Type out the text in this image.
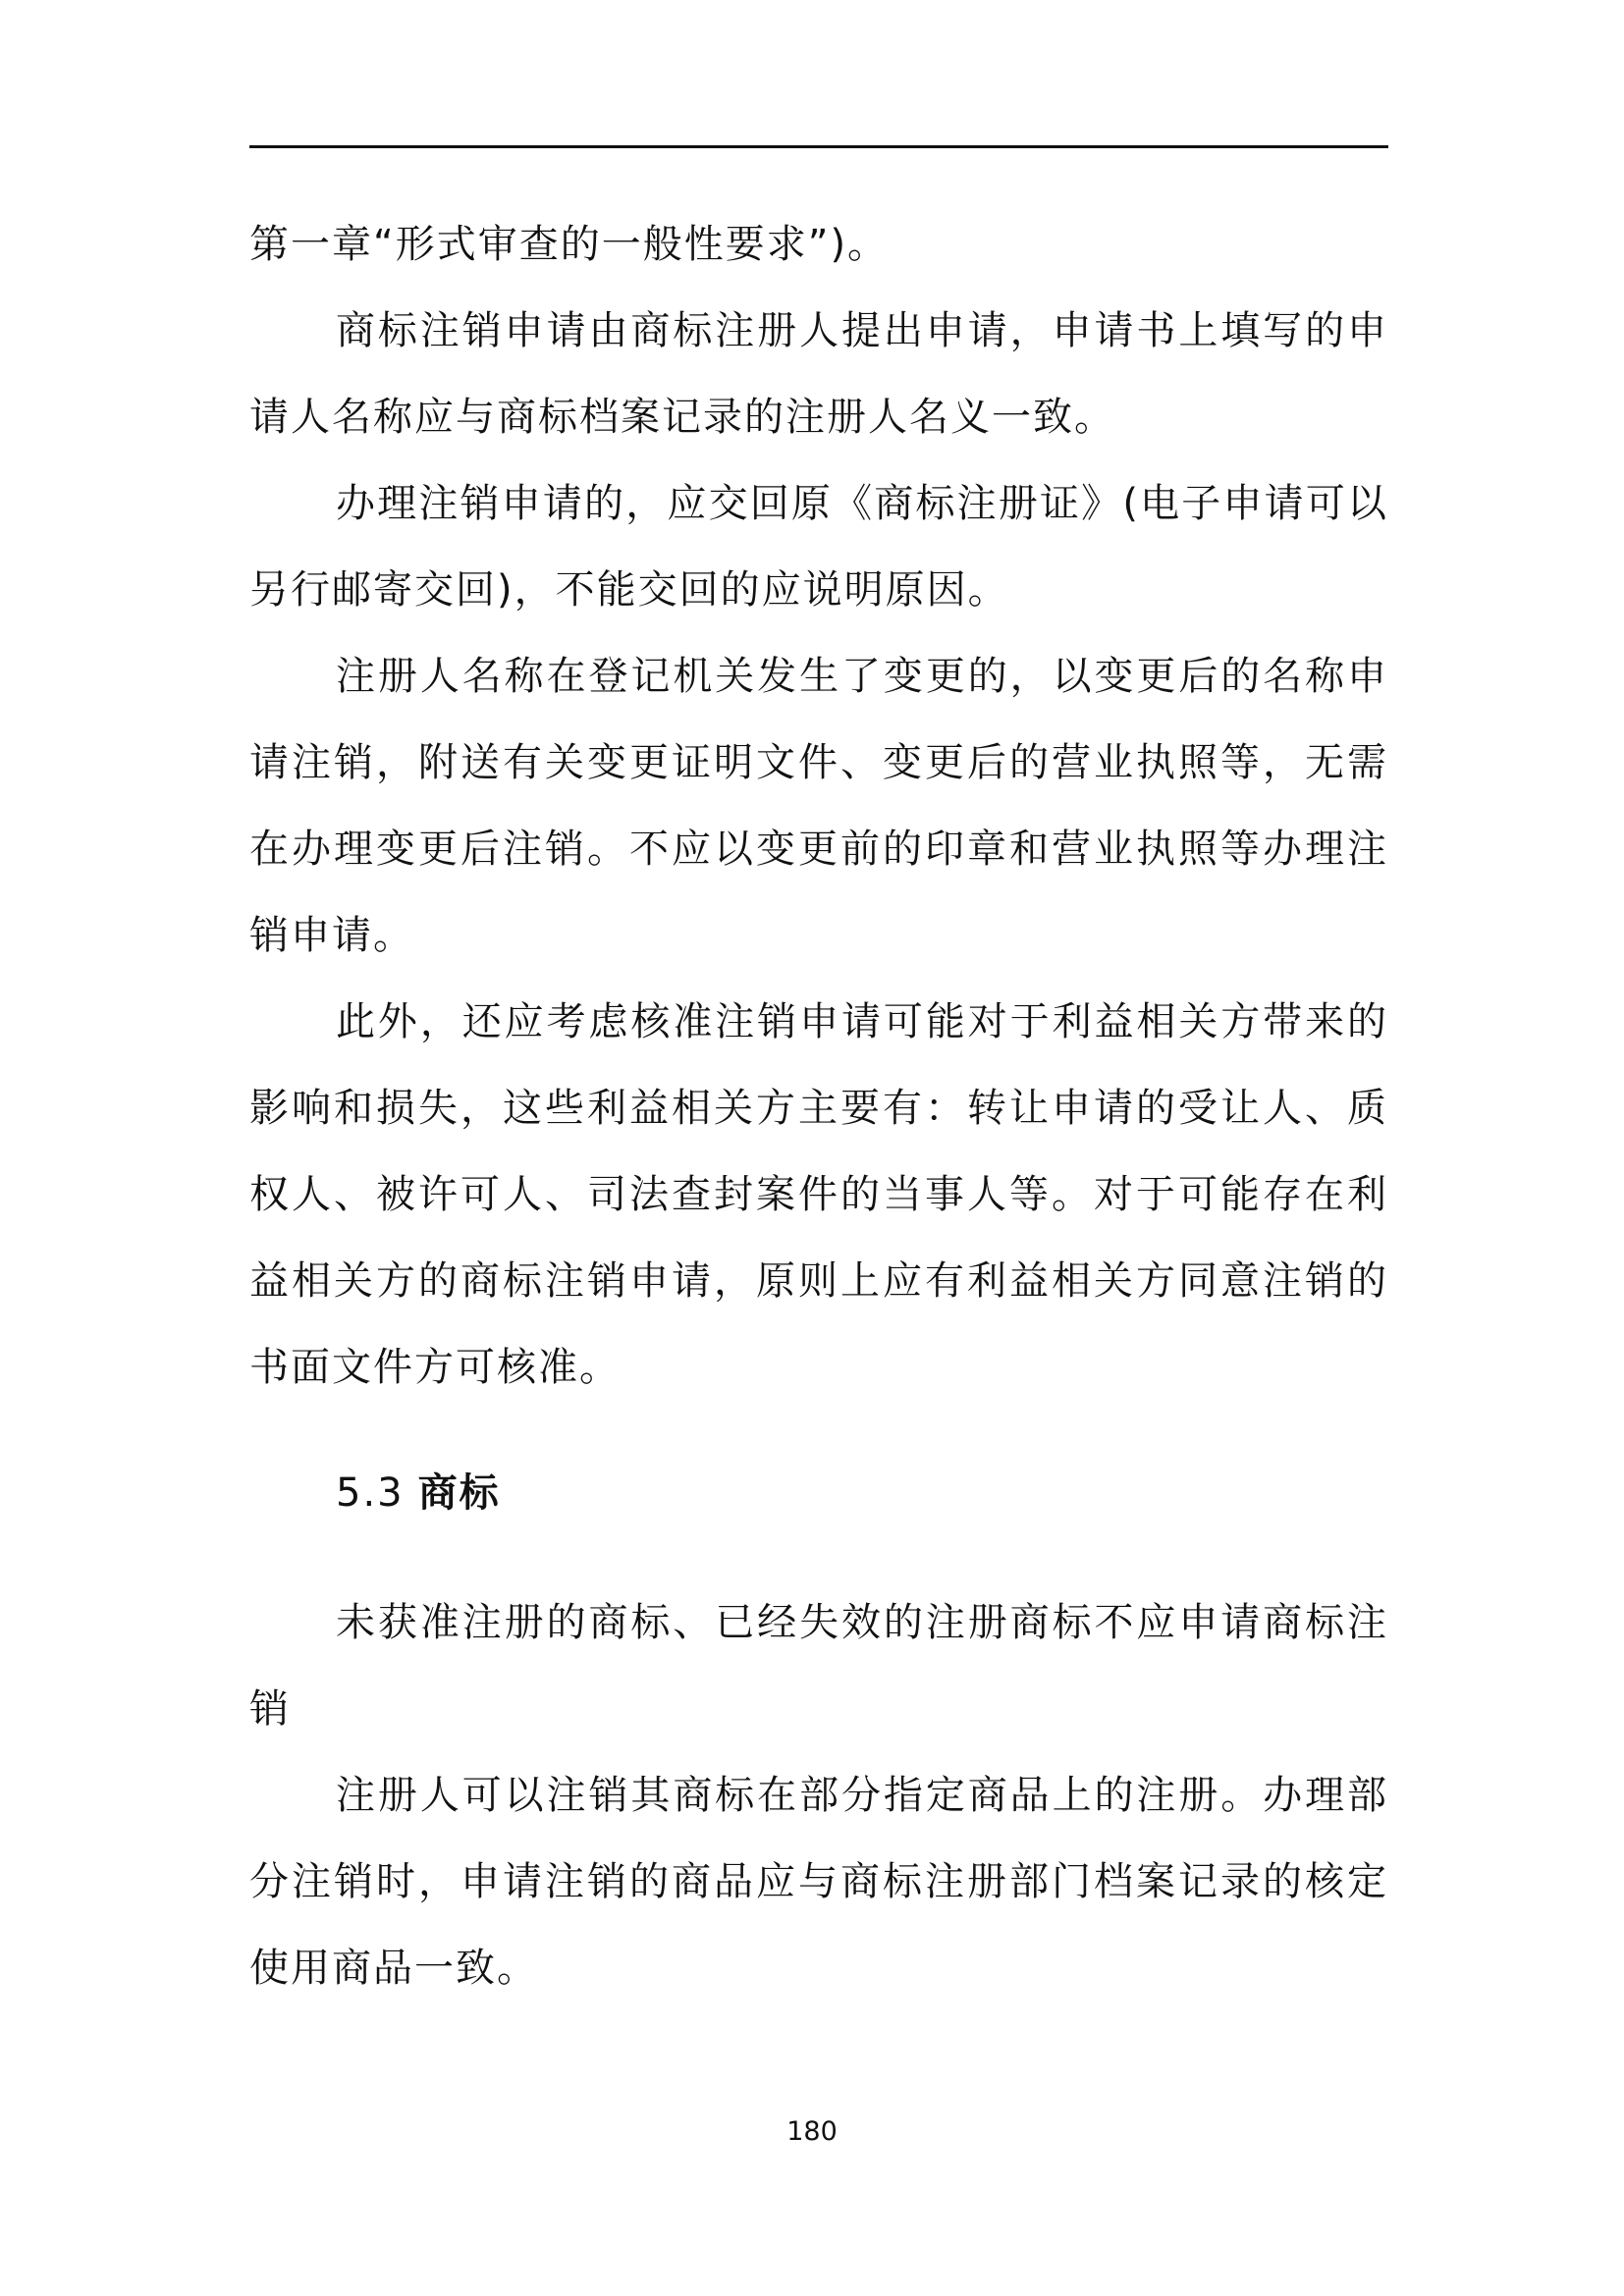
第一章“形式审查的一般性要求”)。

商标注销申请由商标注册人提出申请，申请书上填写的申请人名称应与商标档案记录的注册人名义一致。

办理注销申请的，应交回原《商标注册证》(电子申请可以另行邮寄交回)，不能交回的应说明原因。

注册人名称在登记机关发生了变更的，以变更后的名称申请注销，附送有关变更证明文件、变更后的营业执照等，无需在办理变更后注销。不应以变更前的印章和营业执照等办理注销申请。

此外，还应考虑核准注销申请可能对于利益相关方带来的影响和损失，这些利益相关方主要有：转让申请的受让人、质权人、被许可人、司法查封案件的当事人等。对于可能存在利益相关方的商标注销申请，原则上应有利益相关方同意注销的书面文件方可核准。

5.3 商标

未获准注册的商标、已经失效的注册商标不应申请商标注销

注册人可以注销其商标在部分指定商品上的注册。办理部分注销时，申请注销的商品应与商标注册部门档案记录的核定使用商品一致。

180
